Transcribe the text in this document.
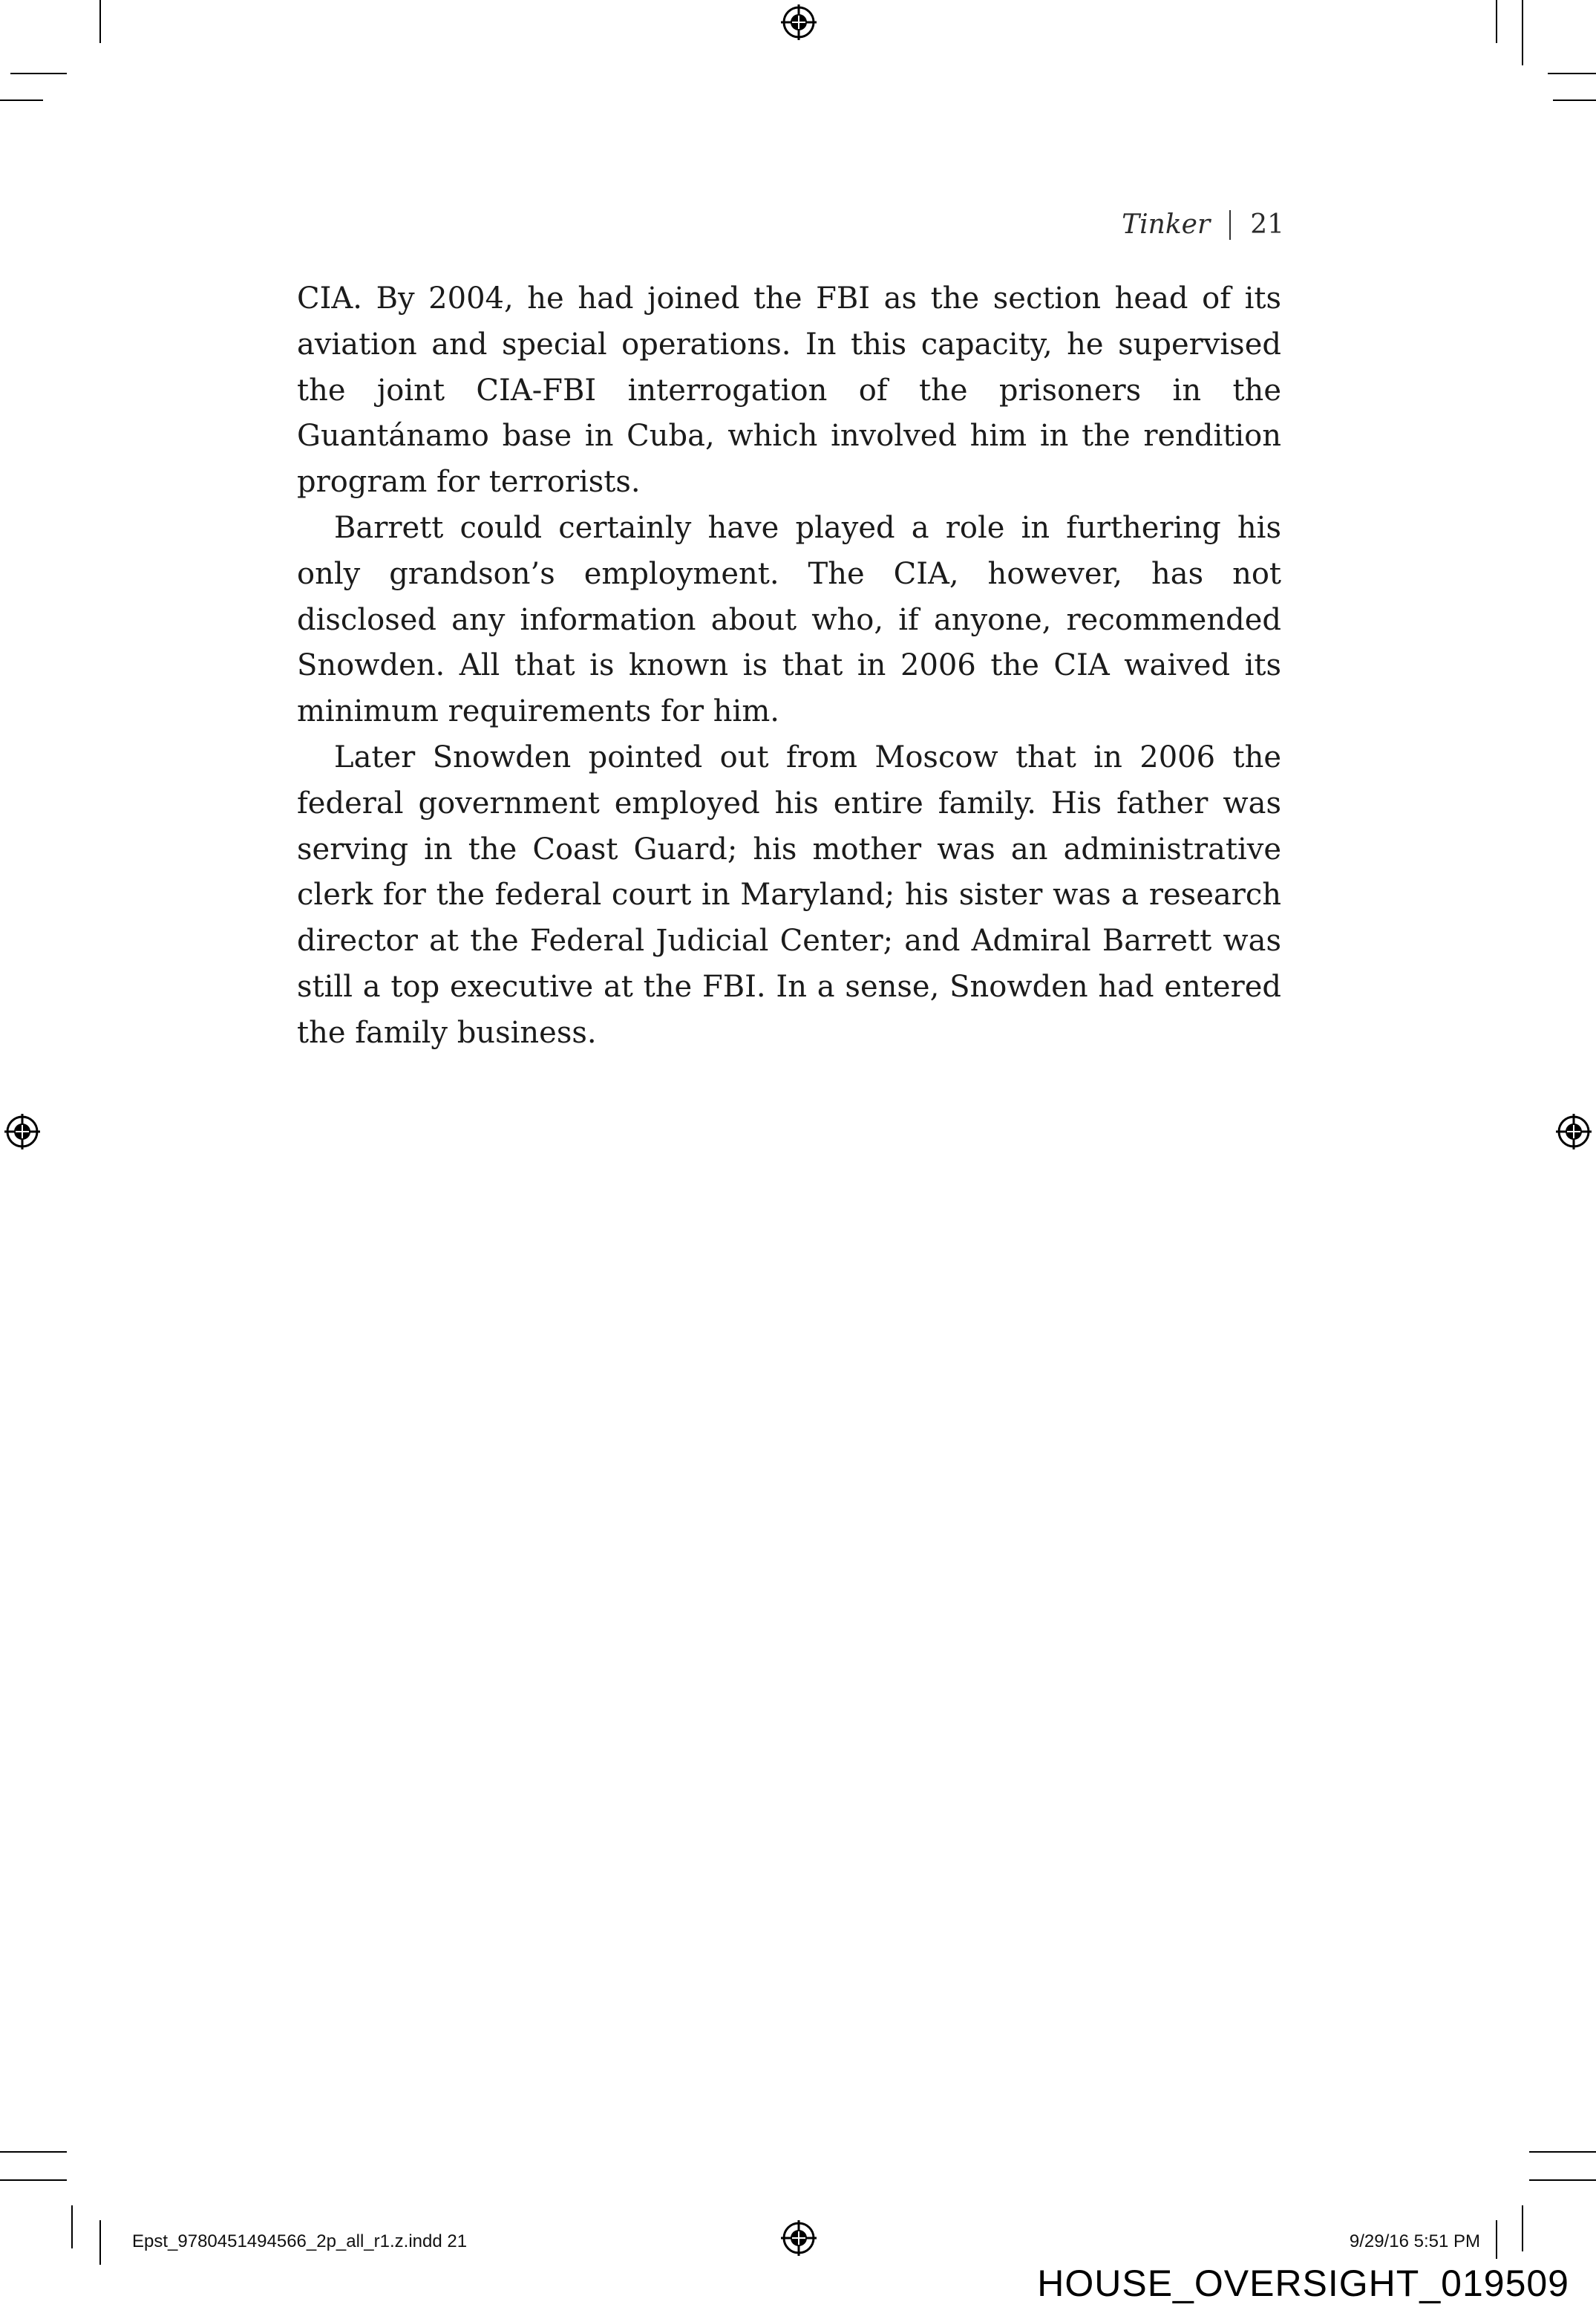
Tinker 21

CIA. By 2004, he had joined the FBI as the section head of its aviation and special operations. In this capacity, he supervised the joint CIA-FBI interrogation of the prisoners in the Guantánamo base in Cuba, which involved him in the rendition program for terrorists.

Barrett could certainly have played a role in furthering his only grandson’s employment. The CIA, however, has not disclosed any information about who, if anyone, recommended Snowden. All that is known is that in 2006 the CIA waived its minimum requirements for him.

Later Snowden pointed out from Moscow that in 2006 the federal government employed his entire family. His father was serving in the Coast Guard; his mother was an administrative clerk for the federal court in Maryland; his sister was a research director at the Federal Judicial Center; and Admiral Barrett was still a top executive at the FBI. In a sense, Snowden had entered the family business.

Epst_9780451494566_2p_all_r1.z.indd 21	9/29/16 5:51 PM
HOUSE_OVERSIGHT_019509
